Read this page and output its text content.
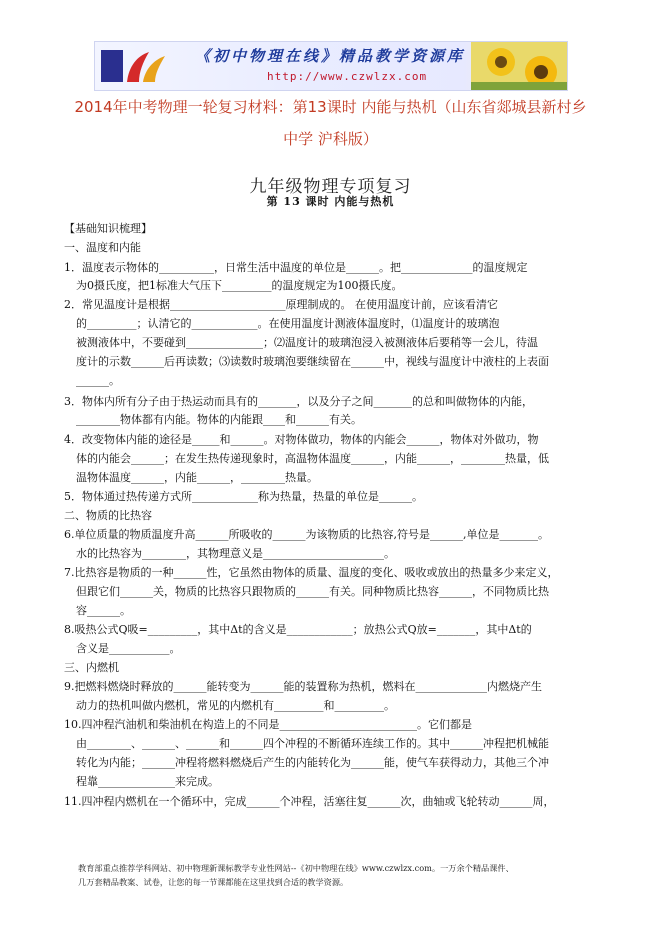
《初中物理在线》精品教学资源库
http://www.czwlzx.com
2014年中考物理一轮复习材料：第13课时 内能与热机（山东省郯城县新村乡
中学 沪科版）
九年级物理专项复习
第 13 课时 内能与热机
【基础知识梳理】
一、温度和内能
1．温度表示物体的__________，日常生活中温度的单位是______。把_____________的温度规定
为0摄氏度，把1标准大气压下_________的温度规定为100摄氏度。
2．常见温度计是根据_____________________原理制成的。 在使用温度计前，应该看清它
的_________；认清它的____________。在使用温度计测液体温度时，⑴温度计的玻璃泡
被测液体中，不要碰到______________；⑵温度计的玻璃泡浸入被测液体后要稍等一会儿，待温
度计的示数______后再读数；⑶读数时玻璃泡要继续留在______中，视线与温度计中液柱的上表面
______。
3．物体内所有分子由于热运动而具有的_______，以及分子之间_______的总和叫做物体的内能，
________物体都有内能。物体的内能跟____和______有关。
4．改变物体内能的途径是_____和______。对物体做功，物体的内能会______，物体对外做功，物
体的内能会______；在发生热传递现象时，高温物体温度______，内能______，________热量，低
温物体温度______，内能______，________热量。
5．物体通过热传递方式所____________称为热量，热量的单位是______。
二、物质的比热容
6.单位质量的物质温度升高______所吸收的______为该物质的比热容,符号是______,单位是_______。
水的比热容为________，其物理意义是______________________。
7.比热容是物质的一种______性，它虽然由物体的质量、温度的变化、吸收或放出的热量多少来定义，
但跟它们______关，物质的比热容只跟物质的______有关。同种物质比热容______，不同物质比热
容______。
8.吸热公式Q吸=_________，其中Δt的含义是____________；放热公式Q放=_______，其中Δt的
含义是___________。
三、内燃机
9.把燃料燃烧时释放的______能转变为______能的装置称为热机，燃料在_____________内燃烧产生
动力的热机叫做内燃机，常见的内燃机有_________和_________。
10.四冲程汽油机和柴油机在构造上的不同是_________________________。它们都是
由________、______、______和______四个冲程的不断循环连续工作的。其中______冲程把机械能
转化为内能；______冲程将燃料燃烧后产生的内能转化为______能，使气车获得动力，其他三个冲
程靠______________来完成。
11.四冲程内燃机在一个循环中，完成______个冲程，活塞往复______次，曲轴或飞轮转动______周，
教育部重点推荐学科网站、初中物理新课标教学专业性网站--《初中物理在线》www.czwlzx.com。一万余个精品课件、
几万套精品教案、试卷，让您的每一节课都能在这里找到合适的教学资源。
